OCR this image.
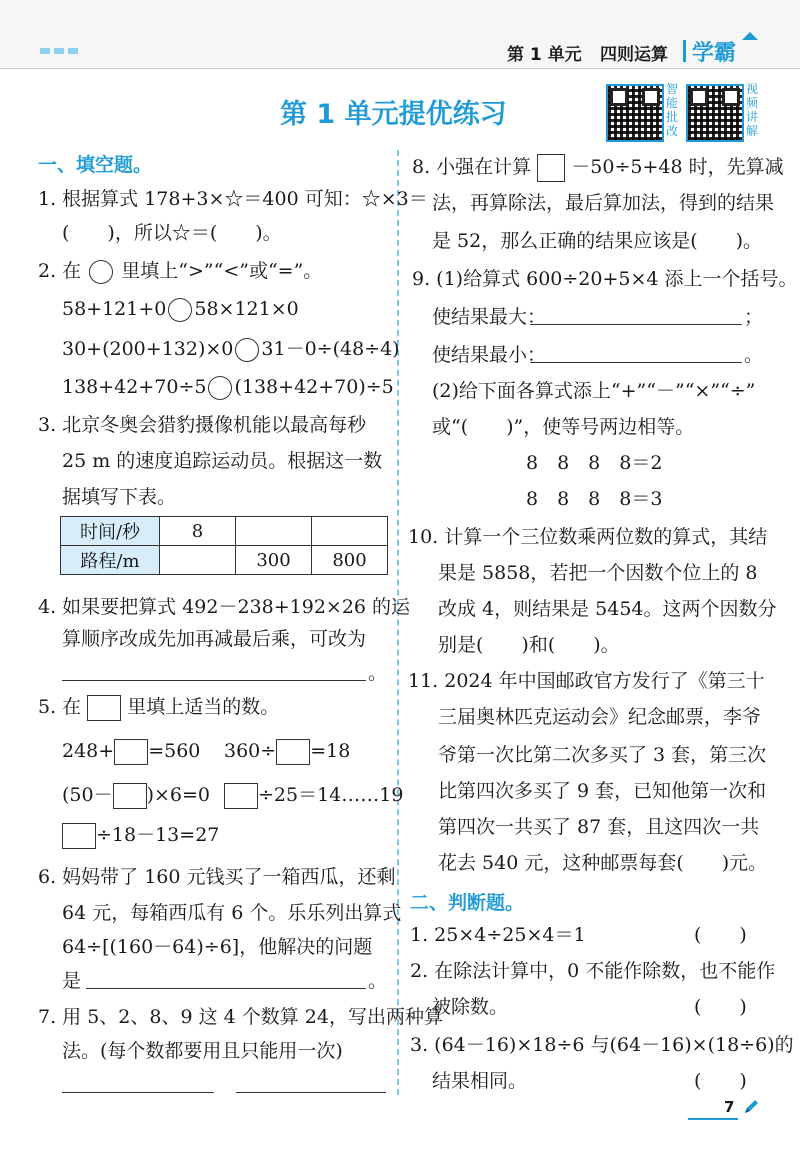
第 1 单元 四则运算 学霸
第 1 单元提优练习
智能批改
视频讲解
一、填空题。
1. 根据算式 178+3×☆＝400 可知：☆×3＝
(　　)，所以☆＝(　　)。
2. 在 里填上“>”“<”或“=”。
58+121+0 58×121×0
30+(200+132)×0 31－0÷(48÷4)
138+42+70÷5 (138+42+70)÷5
3. 北京冬奥会猎豹摄像机能以最高每秒
25 m 的速度追踪运动员。根据这一数
据填写下表。
时间/秒	8		
路程/m		300	800
4. 如果要把算式 492－238+192×26 的运
算顺序改成先加再减最后乘，可改为
。
5. 在 里填上适当的数。
248+ =560 360÷ =18
(50－ )×6=0	÷25＝14……19
÷18－13=27
6. 妈妈带了 160 元钱买了一箱西瓜，还剩
64 元，每箱西瓜有 6 个。乐乐列出算式
64÷[(160－64)÷6]，他解决的问题
是	。
7. 用 5、2、8、9 这 4 个数算 24，写出两种算
法。(每个数都要用且只能用一次)
8. 小强在计算 －50÷5+48 时，先算减
法，再算除法，最后算加法，得到的结果
是 52，那么正确的结果应该是(　　)。
9. (1)给算式 600÷20+5×4 添上一个括号。
使结果最大：	；
使结果最小：	。
(2)给下面各算式添上“+”“－”“×”“÷”
或“(　　)”，使等号两边相等。
8　8　8　8＝2
8　8　8　8＝3
10. 计算一个三位数乘两位数的算式，其结
果是 5858，若把一个因数个位上的 8
改成 4，则结果是 5454。这两个因数分
别是(　　)和(　　)。
11. 2024 年中国邮政官方发行了《第三十
三届奥林匹克运动会》纪念邮票，李爷
爷第一次比第二次多买了 3 套，第三次
比第四次多买了 9 套，已知他第一次和
第四次一共买了 87 套，且这四次一共
花去 540 元，这种邮票每套(　　)元。
二、判断题。
1. 25×4÷25×4＝1	(　　)
2. 在除法计算中，0 不能作除数，也不能作
被除数。	(　　)
3. (64－16)×18÷6 与(64－16)×(18÷6)的
结果相同。	(　　)
7
